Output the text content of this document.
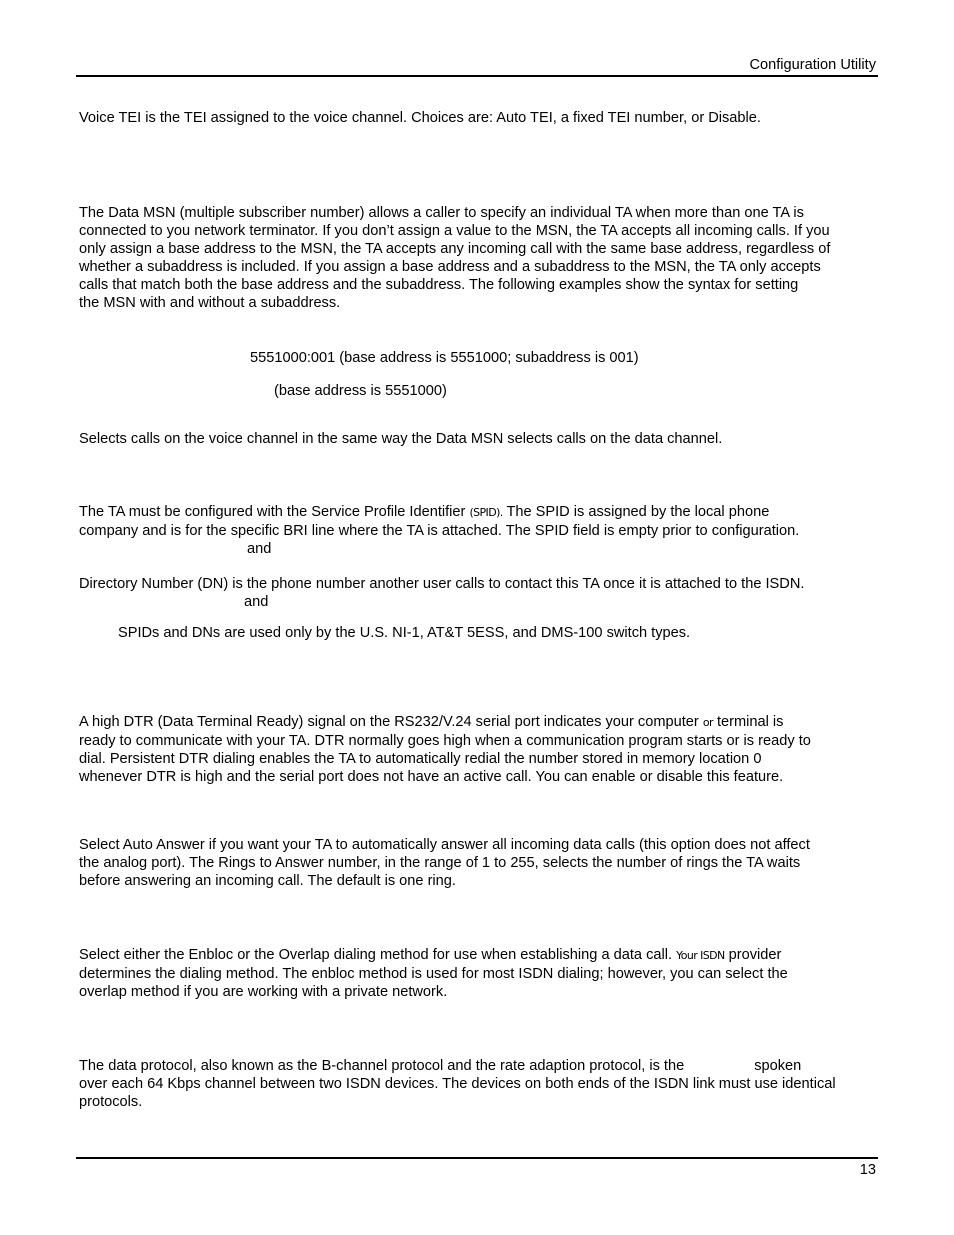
Configuration Utility

Voice TEI is the TEI assigned to the voice channel. Choices are: Auto TEI, a fixed TEI number, or Disable.

The Data MSN (multiple subscriber number) allows a caller to specify an individual TA when more than one TA is
connected to you network terminator. If you don’t assign a value to the MSN, the TA accepts all incoming calls. If you
only assign a base address to the MSN, the TA accepts any incoming call with the same base address, regardless of
whether a subaddress is included. If you assign a base address and a subaddress to the MSN, the TA only accepts
calls that match both the base address and the subaddress. The following examples show the syntax for setting
the MSN with and without a subaddress.

5551000:001 (base address is 5551000; subaddress is 001)

(base address is 5551000)

Selects calls on the voice channel in the same way the Data MSN selects calls on the data channel.

The TA must be configured with the Service Profile Identifier (SPID). The SPID is assigned by the local phone
company and is for the specific BRI line where the TA is attached. The SPID field is empty prior to configuration.
and

Directory Number (DN) is the phone number another user calls to contact this TA once it is attached to the ISDN.
and

SPIDs and DNs are used only by the U.S. NI-1, AT&T 5ESS, and DMS-100 switch types.

A high DTR (Data Terminal Ready) signal on the RS232/V.24 serial port indicates your computer or terminal is
ready to communicate with your TA. DTR normally goes high when a communication program starts or is ready to
dial. Persistent DTR dialing enables the TA to automatically redial the number stored in memory location 0
whenever DTR is high and the serial port does not have an active call. You can enable or disable this feature.

Select Auto Answer if you want your TA to automatically answer all incoming data calls (this option does not affect
the analog port). The Rings to Answer number, in the range of 1 to 255, selects the number of rings the TA waits
before answering an incoming call. The default is one ring.

Select either the Enbloc or the Overlap dialing method for use when establishing a data call. Your ISDN provider
determines the dialing method. The enbloc method is used for most ISDN dialing; however, you can select the
overlap method if you are working with a private network.

The data protocol, also known as the B-channel protocol and the rate adaption protocol, is the	spoken
over each 64 Kbps channel between two ISDN devices. The devices on both ends of the ISDN link must use identical
protocols.

13
